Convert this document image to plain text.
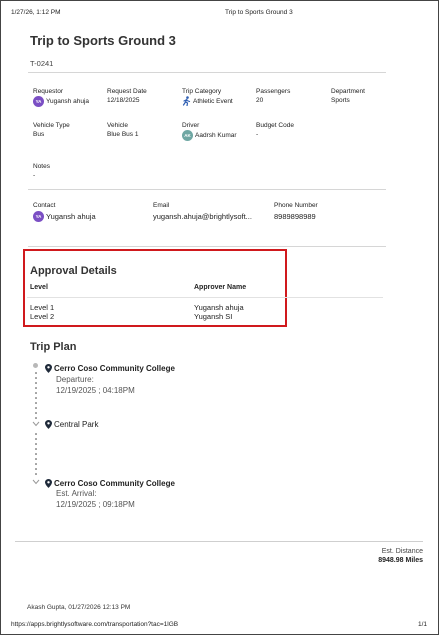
1/27/26, 1:12 PM	Trip to Sports Ground 3
Trip to Sports Ground 3
T-0241
Requestor
YA Yugansh ahuja
Request Date
12/18/2025
Trip Category
Athletic Event
Passengers
20
Department
Sports
Vehicle Type
Bus
Vehicle
Blue Bus 1
Driver
AK Aadrsh Kumar
Budget Code
-
Notes
-
Contact
YA Yugansh ahuja
Email
yugansh.ahuja@brightlysoft...
Phone Number
8989898989
Approval Details
Level	Approver Name
Level 1	Yugansh ahuja
Level 2	Yugansh SI
Trip Plan
Cerro Coso Community College
Departure:
12/19/2025 ; 04:18PM
Central Park
Cerro Coso Community College
Est. Arrival:
12/19/2025 ; 09:18PM
Est. Distance
8948.98 Miles
Akash Gupta, 01/27/2026 12:13 PM
https://apps.brightlysoftware.com/transportation?tac=1lGB	1/1
